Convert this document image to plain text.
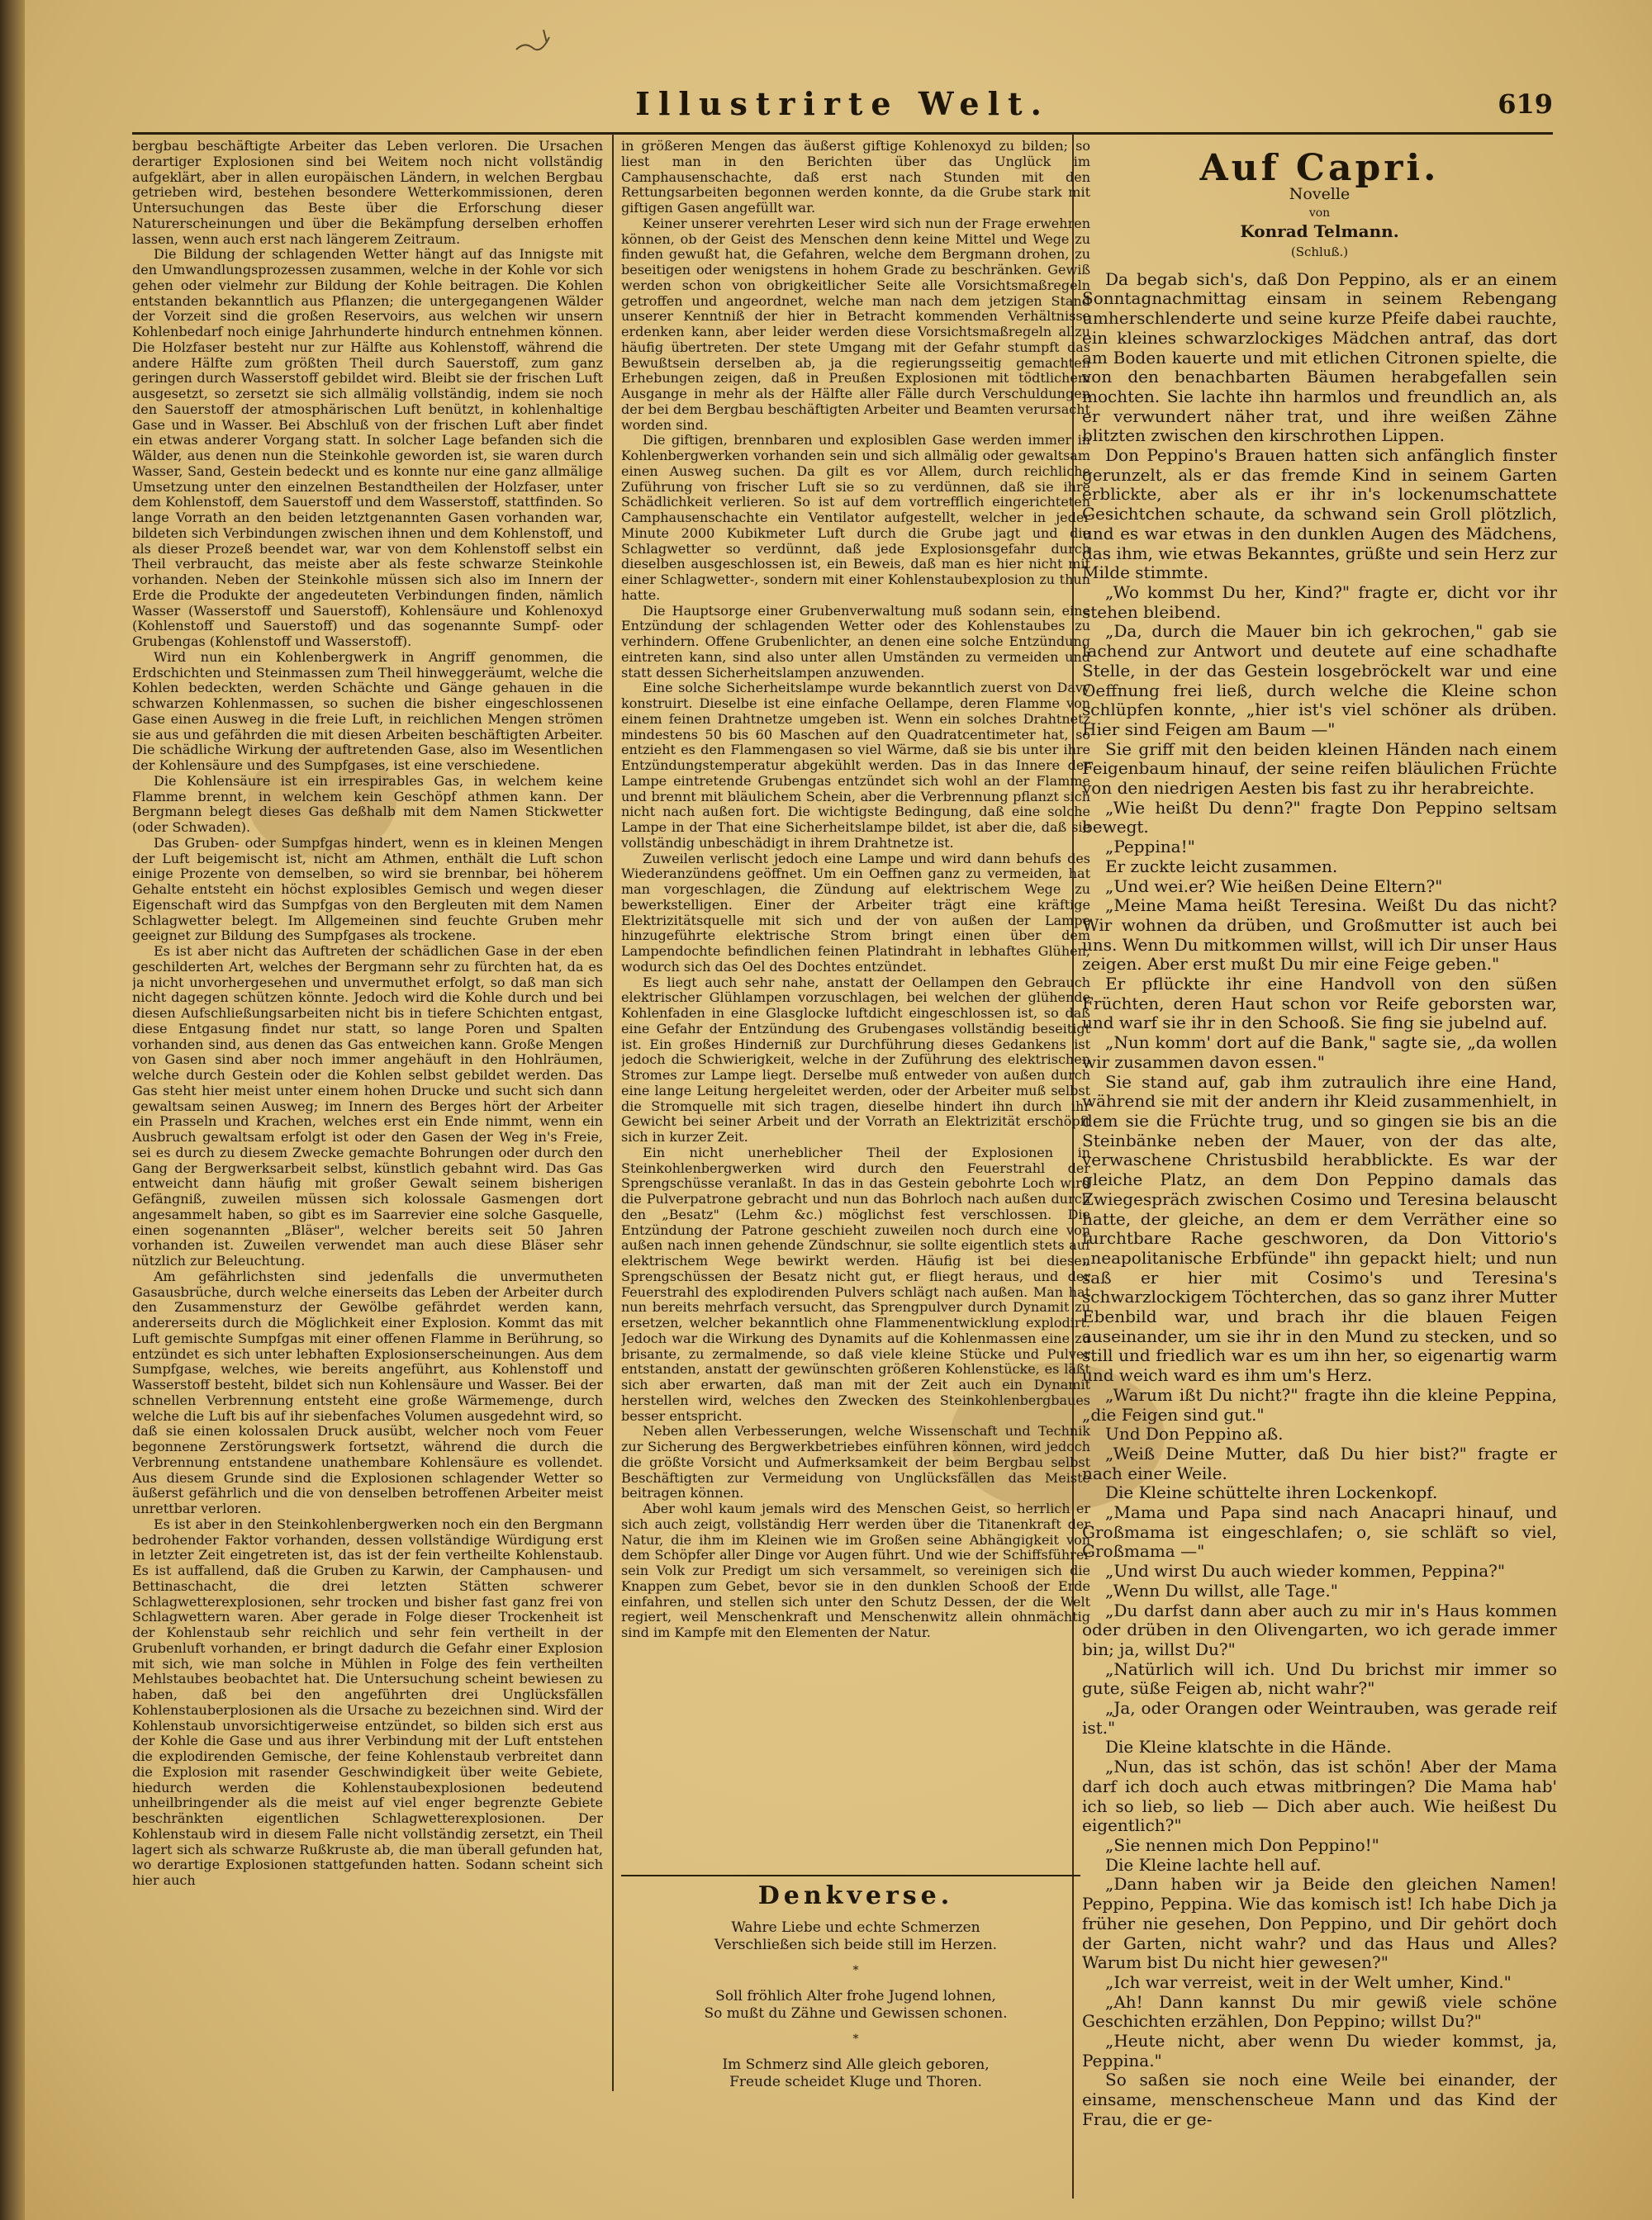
Illustrirte Welt.	619

bergbau beschäftigte Arbeiter das Leben verloren. Die Ursachen derartiger Explosionen sind bei Weitem noch nicht vollständig aufgeklärt, aber in allen europäischen Ländern, in welchen Bergbau getrieben wird, bestehen besondere Wetterkommissionen, deren Untersuchungen das Beste über die Erforschung dieser Naturerscheinungen und über die Bekämpfung derselben erhoffen lassen, wenn auch erst nach längerem Zeitraum.

Die Bildung der schlagenden Wetter hängt auf das Innigste mit den Umwandlungsprozessen zusammen, welche in der Kohle vor sich gehen oder vielmehr zur Bildung der Kohle beitragen. Die Kohlen entstanden bekanntlich aus Pflanzen; die untergegangenen Wälder der Vorzeit sind die großen Reservoirs, aus welchen wir unsern Kohlenbedarf noch einige Jahrhunderte hindurch entnehmen können. Die Holzfaser besteht nur zur Hälfte aus Kohlenstoff, während die andere Hälfte zum größten Theil durch Sauerstoff, zum ganz geringen durch Wasserstoff gebildet wird. Bleibt sie der frischen Luft ausgesetzt, so zersetzt sie sich allmälig vollständig, indem sie noch den Sauerstoff der atmosphärischen Luft benützt, in kohlenhaltige Gase und in Wasser. Bei Abschluß von der frischen Luft aber findet ein etwas anderer Vorgang statt. In solcher Lage befanden sich die Wälder, aus denen nun die Steinkohle geworden ist, sie waren durch Wasser, Sand, Gestein bedeckt und es konnte nur eine ganz allmälige Umsetzung unter den einzelnen Bestandtheilen der Holzfaser, unter dem Kohlenstoff, dem Sauerstoff und dem Wasserstoff, stattfinden. So lange Vorrath an den beiden letztgenannten Gasen vorhanden war, bildeten sich Verbindungen zwischen ihnen und dem Kohlenstoff, und als dieser Prozeß beendet war, war von dem Kohlenstoff selbst ein Theil verbraucht, das meiste aber als feste schwarze Steinkohle vorhanden. Neben der Steinkohle müssen sich also im Innern der Erde die Produkte der angedeuteten Verbindungen finden, nämlich Wasser (Wasserstoff und Sauerstoff), Kohlensäure und Kohlenoxyd (Kohlenstoff und Sauerstoff) und das sogenannte Sumpf- oder Grubengas (Kohlenstoff und Wasserstoff).

Wird nun ein Kohlenbergwerk in Angriff genommen, die Erdschichten und Steinmassen zum Theil hinweggeräumt, welche die Kohlen bedeckten, werden Schächte und Gänge gehauen in die schwarzen Kohlenmassen, so suchen die bisher eingeschlossenen Gase einen Ausweg in die freie Luft, in reichlichen Mengen strömen sie aus und gefährden die mit diesen Arbeiten beschäftigten Arbeiter. Die schädliche Wirkung der auftretenden Gase, also im Wesentlichen der Kohlensäure und des Sumpfgases, ist eine verschiedene.

Die Kohlensäure ist ein irrespirables Gas, in welchem keine Flamme brennt, in welchem kein Geschöpf athmen kann. Der Bergmann belegt dieses Gas deßhalb mit dem Namen Stickwetter (oder Schwaden).

Das Gruben- oder Sumpfgas hindert, wenn es in kleinen Mengen der Luft beigemischt ist, nicht am Athmen, enthält die Luft schon einige Prozente von demselben, so wird sie brennbar, bei höherem Gehalte entsteht ein höchst explosibles Gemisch und wegen dieser Eigenschaft wird das Sumpfgas von den Bergleuten mit dem Namen Schlagwetter belegt. Im Allgemeinen sind feuchte Gruben mehr geeignet zur Bildung des Sumpfgases als trockene.

Es ist aber nicht das Auftreten der schädlichen Gase in der eben geschilderten Art, welches der Bergmann sehr zu fürchten hat, da es ja nicht unvorhergesehen und unvermuthet erfolgt, so daß man sich nicht dagegen schützen könnte. Jedoch wird die Kohle durch und bei diesen Aufschließungsarbeiten nicht bis in tiefere Schichten entgast, diese Entgasung findet nur statt, so lange Poren und Spalten vorhanden sind, aus denen das Gas entweichen kann. Große Mengen von Gasen sind aber noch immer angehäuft in den Hohlräumen, welche durch Gestein oder die Kohlen selbst gebildet werden. Das Gas steht hier meist unter einem hohen Drucke und sucht sich dann gewaltsam seinen Ausweg; im Innern des Berges hört der Arbeiter ein Prasseln und Krachen, welches erst ein Ende nimmt, wenn ein Ausbruch gewaltsam erfolgt ist oder den Gasen der Weg in's Freie, sei es durch zu diesem Zwecke gemachte Bohrungen oder durch den Gang der Bergwerksarbeit selbst, künstlich gebahnt wird. Das Gas entweicht dann häufig mit großer Gewalt seinem bisherigen Gefängniß, zuweilen müssen sich kolossale Gasmengen dort angesammelt haben, so gibt es im Saarrevier eine solche Gasquelle, einen sogenannten „Bläser", welcher bereits seit 50 Jahren vorhanden ist. Zuweilen verwendet man auch diese Bläser sehr nützlich zur Beleuchtung.

Am gefährlichsten sind jedenfalls die unvermutheten Gasausbrüche, durch welche einerseits das Leben der Arbeiter durch den Zusammensturz der Gewölbe gefährdet werden kann, andererseits durch die Möglichkeit einer Explosion. Kommt das mit Luft gemischte Sumpfgas mit einer offenen Flamme in Berührung, so entzündet es sich unter lebhaften Explosionserscheinungen. Aus dem Sumpfgase, welches, wie bereits angeführt, aus Kohlenstoff und Wasserstoff besteht, bildet sich nun Kohlensäure und Wasser. Bei der schnellen Verbrennung entsteht eine große Wärmemenge, durch welche die Luft bis auf ihr siebenfaches Volumen ausgedehnt wird, so daß sie einen kolossalen Druck ausübt, welcher noch vom Feuer begonnene Zerstörungswerk fortsetzt, während die durch die Verbrennung entstandene unathembare Kohlensäure es vollendet. Aus diesem Grunde sind die Explosionen schlagender Wetter so äußerst gefährlich und die von denselben betroffenen Arbeiter meist unrettbar verloren.

Es ist aber in den Steinkohlenbergwerken noch ein den Bergmann bedrohender Faktor vorhanden, dessen vollständige Würdigung erst in letzter Zeit eingetreten ist, das ist der fein vertheilte Kohlenstaub. Es ist auffallend, daß die Gruben zu Karwin, der Camphausen- und Bettinaschacht, die drei letzten Stätten schwerer Schlagwetterexplosionen, sehr trocken und bisher fast ganz frei von Schlagwettern waren. Aber gerade in Folge dieser Trockenheit ist der Kohlenstaub sehr reichlich und sehr fein vertheilt in der Grubenluft vorhanden, er bringt dadurch die Gefahr einer Explosion mit sich, wie man solche in Mühlen in Folge des fein vertheilten Mehlstaubes beobachtet hat. Die Untersuchung scheint bewiesen zu haben, daß bei den angeführten drei Unglücksfällen Kohlenstauberplosionen als die Ursache zu bezeichnen sind. Wird der Kohlenstaub unvorsichtigerweise entzündet, so bilden sich erst aus der Kohle die Gase und aus ihrer Verbindung mit der Luft entstehen die explodirenden Gemische, der feine Kohlenstaub verbreitet dann die Explosion mit rasender Geschwindigkeit über weite Gebiete, hiedurch werden die Kohlenstaubexplosionen bedeutend unheilbringender als die meist auf viel enger begrenzte Gebiete beschränkten eigentlichen Schlagwetterexplosionen. Der Kohlenstaub wird in diesem Falle nicht vollständig zersetzt, ein Theil lagert sich als schwarze Rußkruste ab, die man überall gefunden hat, wo derartige Explosionen stattgefunden hatten. Sodann scheint sich hier auch

in größeren Mengen das äußerst giftige Kohlenoxyd zu bilden; so liest man in den Berichten über das Unglück im Camphausenschachte, daß erst nach Stunden mit den Rettungsarbeiten begonnen werden konnte, da die Grube stark mit giftigen Gasen angefüllt war.

Keiner unserer verehrten Leser wird sich nun der Frage erwehren können, ob der Geist des Menschen denn keine Mittel und Wege zu finden gewußt hat, die Gefahren, welche dem Bergmann drohen, zu beseitigen oder wenigstens in hohem Grade zu beschränken. Gewiß werden schon von obrigkeitlicher Seite alle Vorsichtsmaßregeln getroffen und angeordnet, welche man nach dem jetzigen Stand unserer Kenntniß der hier in Betracht kommenden Verhältnisse erdenken kann, aber leider werden diese Vorsichtsmaßregeln allzu häufig übertreten. Der stete Umgang mit der Gefahr stumpft das Bewußtsein derselben ab, ja die regierungsseitig gemachten Erhebungen zeigen, daß in Preußen Explosionen mit tödtlichem Ausgange in mehr als der Hälfte aller Fälle durch Verschuldungen der bei dem Bergbau beschäftigten Arbeiter und Beamten verursacht worden sind.

Die giftigen, brennbaren und explosiblen Gase werden immer in Kohlenbergwerken vorhanden sein und sich allmälig oder gewaltsam einen Ausweg suchen. Da gilt es vor Allem, durch reichliche Zuführung von frischer Luft sie so zu verdünnen, daß sie ihre Schädlichkeit verlieren. So ist auf dem vortrefflich eingerichteten Camphausenschachte ein Ventilator aufgestellt, welcher in jeder Minute 2000 Kubikmeter Luft durch die Grube jagt und die Schlagwetter so verdünnt, daß jede Explosionsgefahr durch dieselben ausgeschlossen ist, ein Beweis, daß man es hier nicht mit einer Schlagwetter-, sondern mit einer Kohlenstaubexplosion zu thun hatte.

Die Hauptsorge einer Grubenverwaltung muß sodann sein, eine Entzündung der schlagenden Wetter oder des Kohlenstaubes zu verhindern. Offene Grubenlichter, an denen eine solche Entzündung eintreten kann, sind also unter allen Umständen zu vermeiden und statt dessen Sicherheitslampen anzuwenden.

Eine solche Sicherheitslampe wurde bekanntlich zuerst von Davy konstruirt. Dieselbe ist eine einfache Oellampe, deren Flamme von einem feinen Drahtnetze umgeben ist. Wenn ein solches Drahtnetz mindestens 50 bis 60 Maschen auf den Quadratcentimeter hat, so entzieht es den Flammengasen so viel Wärme, daß sie bis unter ihre Entzündungstemperatur abgekühlt werden. Das in das Innere der Lampe eintretende Grubengas entzündet sich wohl an der Flamme und brennt mit bläulichem Schein, aber die Verbrennung pflanzt sich nicht nach außen fort. Die wichtigste Bedingung, daß eine solche Lampe in der That eine Sicherheitslampe bildet, ist aber die, daß sie vollständig unbeschädigt in ihrem Drahtnetze ist.

Zuweilen verlischt jedoch eine Lampe und wird dann behufs des Wiederanzündens geöffnet. Um ein Oeffnen ganz zu vermeiden, hat man vorgeschlagen, die Zündung auf elektrischem Wege zu bewerkstelligen. Einer der Arbeiter trägt eine kräftige Elektrizitätsquelle mit sich und der von außen der Lampe hinzugeführte elektrische Strom bringt einen über dem Lampendochte befindlichen feinen Platindraht in lebhaftes Glühen, wodurch sich das Oel des Dochtes entzündet.

Es liegt auch sehr nahe, anstatt der Oellampen den Gebrauch elektrischer Glühlampen vorzuschlagen, bei welchen der glühende Kohlenfaden in eine Glasglocke luftdicht eingeschlossen ist, so daß eine Gefahr der Entzündung des Grubengases vollständig beseitigt ist. Ein großes Hinderniß zur Durchführung dieses Gedankens ist jedoch die Schwierigkeit, welche in der Zuführung des elektrischen Stromes zur Lampe liegt. Derselbe muß entweder von außen durch eine lange Leitung hergeleitet werden, oder der Arbeiter muß selbst die Stromquelle mit sich tragen, dieselbe hindert ihn durch ihr Gewicht bei seiner Arbeit und der Vorrath an Elektrizität erschöpft sich in kurzer Zeit.

Ein nicht unerheblicher Theil der Explosionen in Steinkohlenbergwerken wird durch den Feuerstrahl der Sprengschüsse veranlaßt. In das in das Gestein gebohrte Loch wird die Pulverpatrone gebracht und nun das Bohrloch nach außen durch den „Besatz" (Lehm &c.) möglichst fest verschlossen. Die Entzündung der Patrone geschieht zuweilen noch durch eine von außen nach innen gehende Zündschnur, sie sollte eigentlich stets auf elektrischem Wege bewirkt werden. Häufig ist bei diesen Sprengschüssen der Besatz nicht gut, er fliegt heraus, und der Feuerstrahl des explodirenden Pulvers schlägt nach außen. Man hat nun bereits mehrfach versucht, das Sprengpulver durch Dynamit zu ersetzen, welcher bekanntlich ohne Flammenentwicklung explodirt. Jedoch war die Wirkung des Dynamits auf die Kohlenmassen eine zu brisante, zu zermalmende, so daß viele kleine Stücke und Pulver entstanden, anstatt der gewünschten größeren Kohlenstücke, es läßt sich aber erwarten, daß man mit der Zeit auch ein Dynamit herstellen wird, welches den Zwecken des Steinkohlenbergbaues besser entspricht.

Neben allen Verbesserungen, welche Wissenschaft und Technik zur Sicherung des Bergwerkbetriebes einführen können, wird jedoch die größte Vorsicht und Aufmerksamkeit der beim Bergbau selbst Beschäftigten zur Vermeidung von Unglücksfällen das Meiste beitragen können.

Aber wohl kaum jemals wird des Menschen Geist, so herrlich er sich auch zeigt, vollständig Herr werden über die Titanenkraft der Natur, die ihm im Kleinen wie im Großen seine Abhängigkeit von dem Schöpfer aller Dinge vor Augen führt. Und wie der Schiffsführer sein Volk zur Predigt um sich versammelt, so vereinigen sich die Knappen zum Gebet, bevor sie in den dunklen Schooß der Erde einfahren, und stellen sich unter den Schutz Dessen, der die Welt regiert, weil Menschenkraft und Menschenwitz allein ohnmächtig sind im Kampfe mit den Elementen der Natur.

Denkverse.
Wahre Liebe und echte Schmerzen
Verschließen sich beide still im Herzen.
*
Soll fröhlich Alter frohe Jugend lohnen,
So mußt du Zähne und Gewissen schonen.
*
Im Schmerz sind Alle gleich geboren,
Freude scheidet Kluge und Thoren.
Auf Capri.
Novelle
von
Konrad Telmann.
(Schluß.)

Da begab sich's, daß Don Peppino, als er an einem Sonntagnachmittag einsam in seinem Rebengang umherschlenderte und seine kurze Pfeife dabei rauchte, ein kleines schwarzlockiges Mädchen antraf, das dort am Boden kauerte und mit etlichen Citronen spielte, die von den benachbarten Bäumen herabgefallen sein mochten. Sie lachte ihn harmlos und freundlich an, als er verwundert näher trat, und ihre weißen Zähne blitzten zwischen den kirschrothen Lippen.

Don Peppino's Brauen hatten sich anfänglich finster gerunzelt, als er das fremde Kind in seinem Garten erblickte, aber als er ihr in's lockenumschattete Gesichtchen schaute, da schwand sein Groll plötzlich, und es war etwas in den dunklen Augen des Mädchens, das ihm, wie etwas Bekanntes, grüßte und sein Herz zur Milde stimmte.

„Wo kommst Du her, Kind?" fragte er, dicht vor ihr stehen bleibend.

„Da, durch die Mauer bin ich gekrochen," gab sie lachend zur Antwort und deutete auf eine schadhafte Stelle, in der das Gestein losgebröckelt war und eine Oeffnung frei ließ, durch welche die Kleine schon schlüpfen konnte, „hier ist's viel schöner als drüben. Hier sind Feigen am Baum —"

Sie griff mit den beiden kleinen Händen nach einem Feigenbaum hinauf, der seine reifen bläulichen Früchte von den niedrigen Aesten bis fast zu ihr herabreichte.

„Wie heißt Du denn?" fragte Don Peppino seltsam bewegt.

„Peppina!"

Er zuckte leicht zusammen.

„Und wei.er? Wie heißen Deine Eltern?"

„Meine Mama heißt Teresina. Weißt Du das nicht? Wir wohnen da drüben, und Großmutter ist auch bei uns. Wenn Du mitkommen willst, will ich Dir unser Haus zeigen. Aber erst mußt Du mir eine Feige geben."

Er pflückte ihr eine Handvoll von den süßen Früchten, deren Haut schon vor Reife geborsten war, und warf sie ihr in den Schooß. Sie fing sie jubelnd auf.

„Nun komm' dort auf die Bank," sagte sie, „da wollen wir zusammen davon essen."

Sie stand auf, gab ihm zutraulich ihre eine Hand, während sie mit der andern ihr Kleid zusammenhielt, in dem sie die Früchte trug, und so gingen sie bis an die Steinbänke neben der Mauer, von der das alte, verwaschene Christusbild herabblickte. Es war der gleiche Platz, an dem Don Peppino damals das Zwiegespräch zwischen Cosimo und Teresina belauscht hatte, der gleiche, an dem er dem Verräther eine so furchtbare Rache geschworen, da Don Vittorio's „neapolitanische Erbfünde" ihn gepackt hielt; und nun saß er hier mit Cosimo's und Teresina's schwarzlockigem Töchterchen, das so ganz ihrer Mutter Ebenbild war, und brach ihr die blauen Feigen auseinander, um sie ihr in den Mund zu stecken, und so still und friedlich war es um ihn her, so eigenartig warm und weich ward es ihm um's Herz.

„Warum ißt Du nicht?" fragte ihn die kleine Peppina, „die Feigen sind gut."

Und Don Peppino aß.

„Weiß Deine Mutter, daß Du hier bist?" fragte er nach einer Weile.

Die Kleine schüttelte ihren Lockenkopf.

„Mama und Papa sind nach Anacapri hinauf, und Großmama ist eingeschlafen; o, sie schläft so viel, Großmama —"

„Und wirst Du auch wieder kommen, Peppina?"

„Wenn Du willst, alle Tage."

„Du darfst dann aber auch zu mir in's Haus kommen oder drüben in den Olivengarten, wo ich gerade immer bin; ja, willst Du?"

„Natürlich will ich. Und Du brichst mir immer so gute, süße Feigen ab, nicht wahr?"

„Ja, oder Orangen oder Weintrauben, was gerade reif ist."

Die Kleine klatschte in die Hände.

„Nun, das ist schön, das ist schön! Aber der Mama darf ich doch auch etwas mitbringen? Die Mama hab' ich so lieb, so lieb — Dich aber auch. Wie heißest Du eigentlich?"

„Sie nennen mich Don Peppino!"

Die Kleine lachte hell auf.

„Dann haben wir ja Beide den gleichen Namen! Peppino, Peppina. Wie das komisch ist! Ich habe Dich ja früher nie gesehen, Don Peppino, und Dir gehört doch der Garten, nicht wahr? und das Haus und Alles? Warum bist Du nicht hier gewesen?"

„Ich war verreist, weit in der Welt umher, Kind."

„Ah! Dann kannst Du mir gewiß viele schöne Geschichten erzählen, Don Peppino; willst Du?"

„Heute nicht, aber wenn Du wieder kommst, ja, Peppina."

So saßen sie noch eine Weile bei einander, der einsame, menschenscheue Mann und das Kind der Frau, die er ge-
